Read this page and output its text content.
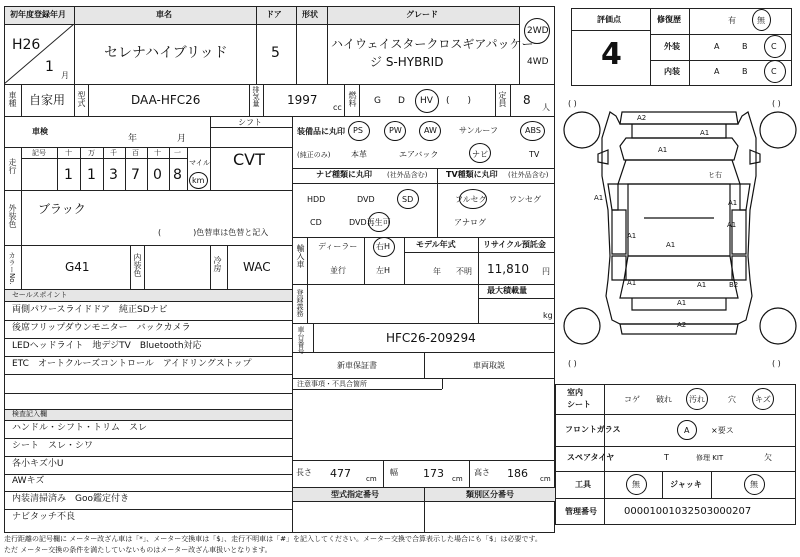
初年度登録年月
H26
1
月
車名
セレナハイブリッド
ドア
5
形状	グレード
ハイウェイスタークロスギアパッケー
ジ S-HYBRID
2WD
4WD
車種 自家用 型式	DAA-HFC26	排気量 1997
cc
燃料 G D HV (　　)	定員 8
人
車検
年	月
シフト
CVT
走行
記号	十 万 千 百 十 一
1 1 3 7 0 8
マイル
km
外装色 ブラック
(　　　　)色替車は色替と記入
カラーNo.	G41	内装色	冷房 WAC
セールスポイント
両側パワースライドドア　純正SDナビ
後席フリップダウンモニター　バックカメラ
LEDヘッドライト　地デジTV　Bluetooth対応
ETC　オートクルーズコントロール　アイドリングストップ
検査記入欄
ハンドル・シフト・トリム　スレ
シート　スレ・シワ
各小キズ小U
AWキズ
内装清掃済み　Goo鑑定付き
ナビタッチ不良
装備品に丸印
(純正のみ)
PS	PW	AW	サンルーフ	ABS
本革	エアバック	ナビ	TV
ナビ種類に丸印 (社外品含む) TV種類に丸印 (社外品含む)
HDD	DVD	SD
CD	DVD再生可
フルセグ	ワンセグ
アナログ
輸入車 ディーラー
並行
右H
左H
モデル年式
年 不明
リサイクル預託金
11,810 円
登録義務	最大積載量
kg
車台番号	HFC26-209294
新車保証書	車両取説
注意事項・不具合箇所
長さ 477 cm
幅 173 cm
高さ 186 cm
型式指定番号	類別区分番号
評価点
4
修復歴	有	無
外装	A	B	C
内装	A	B	C
( )	( )
( )	( )
A2
A1
A1
ヒ右
A1
A1
A1
A1
A1
A1	A1	B2
A1
A2
室内
シート
コゲ 破れ 汚れ	穴 キズ
フロントガラス	A	×要ス
スペアタイヤ	T	修理 KIT	欠
工具	無	ジャッキ	無
管理番号	00001001032503000207
走行距離の記号欄に メーター改ざん車は「*」、メーター交換車は「$」、走行不明車は「#」を記入してください。メーター交換で合算表示した場合にも「$」は必要です。
ただ メーター交換の条件を満たしていないものはメーター改ざん車扱いとなります。
